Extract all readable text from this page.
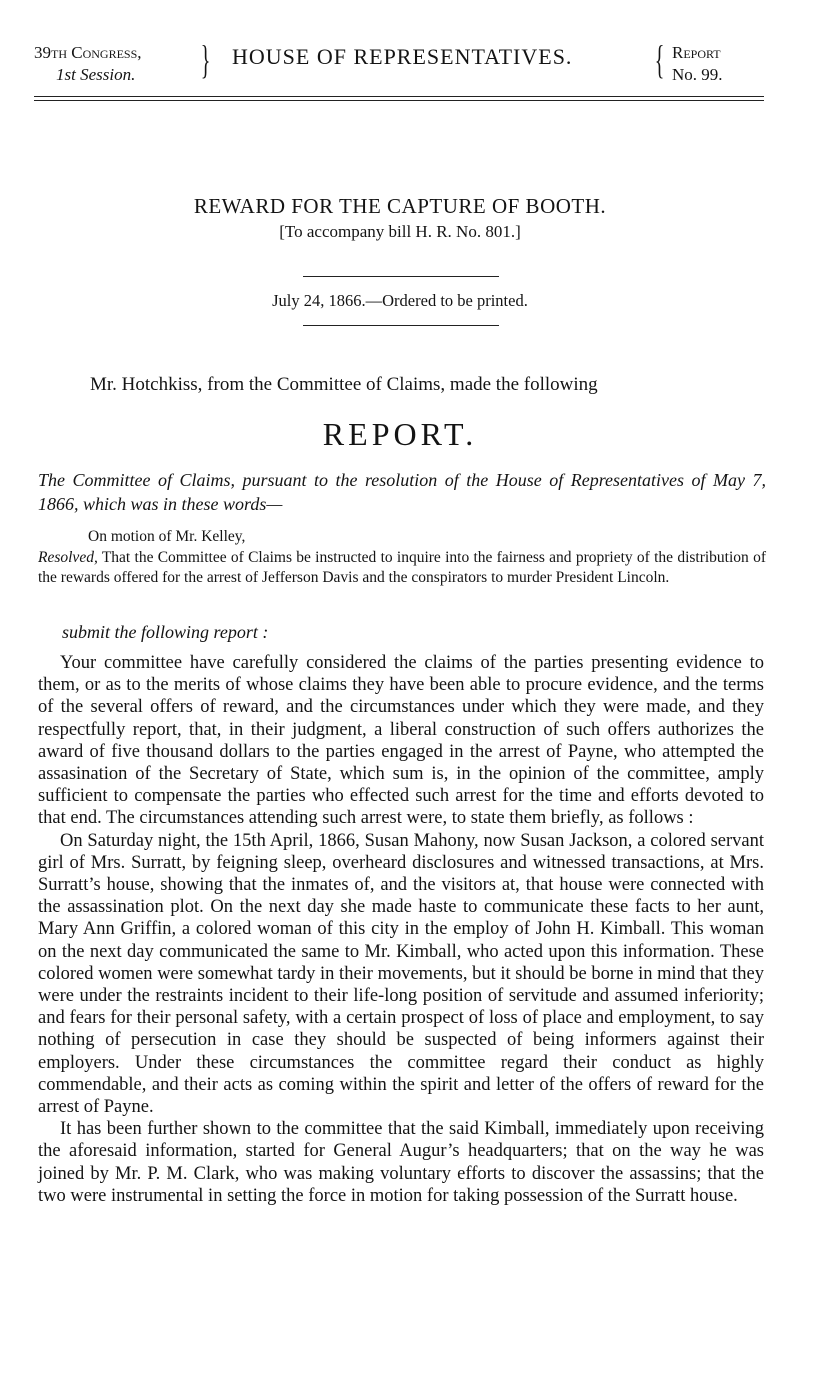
39th Congress,
1st Session. } HOUSE OF REPRESENTATIVES. { Report
No. 99.
REWARD FOR THE CAPTURE OF BOOTH.
[To accompany bill H. R. No. 801.]
July 24, 1866.—Ordered to be printed.
Mr. Hotchkiss, from the Committee of Claims, made the following
REPORT.
The Committee of Claims, pursuant to the resolution of the House of Representatives of May 7, 1866, which was in these words—
On motion of Mr. Kelley,
Resolved, That the Committee of Claims be instructed to inquire into the fairness and propriety of the distribution of the rewards offered for the arrest of Jefferson Davis and the conspirators to murder President Lincoln.
submit the following report :

Your committee have carefully considered the claims of the parties presenting evidence to them, or as to the merits of whose claims they have been able to procure evidence, and the terms of the several offers of reward, and the circumstances under which they were made, and they respectfully report, that, in their judgment, a liberal construction of such offers authorizes the award of five thousand dollars to the parties engaged in the arrest of Payne, who attempted the assasination of the Secretary of State, which sum is, in the opinion of the committee, amply sufficient to compensate the parties who effected such arrest for the time and efforts devoted to that end. The circumstances attending such arrest were, to state them briefly, as follows :

On Saturday night, the 15th April, 1866, Susan Mahony, now Susan Jackson, a colored servant girl of Mrs. Surratt, by feigning sleep, overheard disclosures and witnessed transactions, at Mrs. Surratt’s house, showing that the inmates of, and the visitors at, that house were connected with the assassination plot. On the next day she made haste to communicate these facts to her aunt, Mary Ann Griffin, a colored woman of this city in the employ of John H. Kimball. This woman on the next day communicated the same to Mr. Kimball, who acted upon this information. These colored women were somewhat tardy in their movements, but it should be borne in mind that they were under the restraints incident to their life-long position of servitude and assumed inferiority; and fears for their personal safety, with a certain prospect of loss of place and employment, to say nothing of persecution in case they should be suspected of being informers against their employers. Under these circumstances the committee regard their conduct as highly commendable, and their acts as coming within the spirit and letter of the offers of reward for the arrest of Payne.

It has been further shown to the committee that the said Kimball, immediately upon receiving the aforesaid information, started for General Augur’s headquarters; that on the way he was joined by Mr. P. M. Clark, who was making voluntary efforts to discover the assassins; that the two were instrumental in setting the force in motion for taking possession of the Surratt house.
